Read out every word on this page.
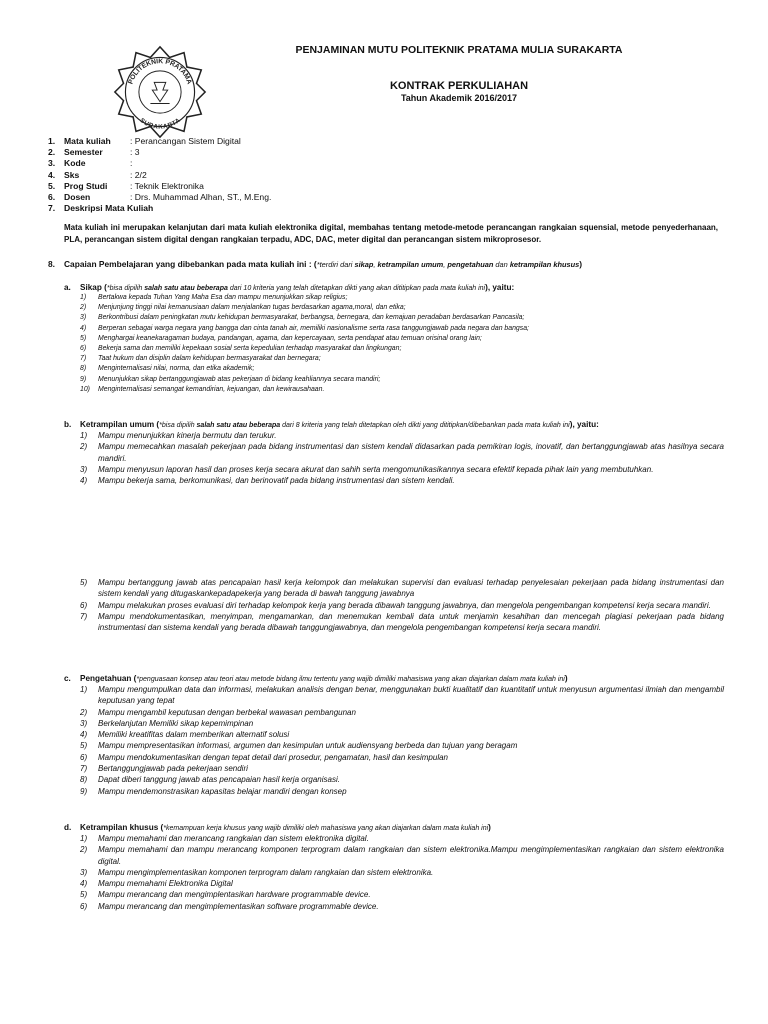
POLITEKNIK PRATAMA
SURAKARTA
PENJAMINAN MUTU POLITEKNIK PRATAMA MULIA SURAKARTA
KONTRAK PERKULIAHAN
Tahun Akademik 2016/2017
1.	Mata kuliah	: Perancangan Sistem Digital
2.	Semester	: 3
3.	Kode	:
4.	Sks	: 2/2
5.	Prog Studi	: Teknik Elektronika
6.	Dosen	: Drs. Muhammad Alhan, ST., M.Eng.
7.	Deskripsi Mata Kuliah
Mata kuliah ini merupakan kelanjutan dari mata kuliah elektronika digital, membahas tentang metode-metode perancangan rangkaian squensial, metode penyederhanaan, PLA, perancangan sistem digital dengan rangkaian terpadu, ADC, DAC, meter digital dan perancangan sistem mikroprosesor.
8. Capaian Pembelajaran yang dibebankan pada mata kuliah ini : (*terdiri dari sikap, ketrampilan umum, pengetahuan dan ketrampilan khusus)
a. Sikap (*bisa dipilih salah satu atau beberapa dari 10 kriteria yang telah ditetapkan dikti yang akan dititipkan pada mata kuliah ini), yaitu:
1)	Bertakwa kepada Tuhan Yang Maha Esa dan mampu menunjukkan sikap religius;
2)	Menjunjung tinggi nilai kemanusiaan dalam menjalankan tugas berdasarkan agama,moral, dan etika;
3)	Berkontribusi dalam peningkatan mutu kehidupan bermasyarakat, berbangsa, bernegara, dan kemajuan peradaban berdasarkan Pancasila;
4)	Berperan sebagai warga negara yang bangga dan cinta tanah air, memiliki nasionalisme serta rasa tanggungjawab pada negara dan bangsa;
5)	Menghargai keanekaragaman budaya, pandangan, agama, dan kepercayaan, serta pendapat atau temuan orisinal orang lain;
6)	Bekerja sama dan memiliki kepekaan sosial serta kepedulian terhadap masyarakat dan lingkungan;
7)	Taat hukum dan disiplin dalam kehidupan bermasyarakat dan bernegara;
8)	Menginternalisasi nilai, norma, dan etika akademik;
9)	Menunjukkan sikap bertanggungjawab atas pekerjaan di bidang keahliannya secara mandiri;
10)	Menginternalisasi semangat kemandirian, kejuangan, dan kewirausahaan.
b. Ketrampilan umum (*bisa dipilih salah satu atau beberapa dari 8 kriteria yang telah ditetapkan oleh dikti yang dititipkan/dibebankan pada mata kuliah ini), yaitu:
1)	Mampu menunjukkan kinerja bermutu dan terukur.
2)	Mampu memecahkan masalah pekerjaan pada bidang instrumentasi dan sistem kendali didasarkan pada pemikiran logis, inovatif, dan bertanggungjawab atas hasilnya secara mandiri.
3)	Mampu menyusun laporan hasil dan proses kerja secara akurat dan sahih serta mengomunikasikannya secara efektif kepada pihak lain yang membutuhkan.
4)	Mampu bekerja sama, berkomunikasi, dan berinovatif pada bidang instrumentasi dan sistem kendali.
5)	Mampu bertanggung jawab atas pencapaian hasil kerja kelompok dan melakukan supervisi dan evaluasi terhadap penyelesaian pekerjaan pada bidang instrumentasi dan sistem kendali yang ditugaskankepadapekerja yang berada di bawah tanggung jawabnya
6)	Mampu melakukan proses evaluasi diri terhadap kelompok kerja yang berada dibawah tanggung jawabnya, dan mengelola pengembangan kompetensi kerja secara mandiri.
7)	Mampu mendokumentasikan, menyimpan, mengamankan, dan menemukan kembali data untuk menjamin kesahihan dan mencegah plagiasi pekerjaan pada bidang instrumentasi dan sistema kendali yang berada dibawah tanggungjawabnya, dan mengelola pengembangan kompetensi kerja secara mandiri.
c. Pengetahuan (*penguasaan konsep atau teori atau metode bidang ilmu tertentu yang wajib dimiliki mahasiswa yang akan diajarkan dalam mata kuliah ini)
1)	Mampu mengumpulkan data dan informasi, melakukan analisis dengan benar, menggunakan bukti kualitatif dan kuantitatif untuk menyusun argumentasi ilmiah dan mengambil keputusan yang tepat
2)	Mampu mengambil keputusan dengan berbekal wawasan pembangunan
3)	Berkelanjutan Memiliki sikap kepemimpinan
4)	Memiliki kreatifitas dalam memberikan alternatif solusi
5)	Mampu mempresentasikan informasi, argumen dan kesimpulan untuk audiensyang berbeda dan tujuan yang beragam
6)	Mampu mendokumentasikan dengan tepat detail dari prosedur, pengamatan, hasil dan kesimpulan
7)	Bertanggungjawab pada pekerjaan sendiri
8)	Dapat diberi tanggung jawab atas pencapaian hasil kerja organisasi.
9)	Mampu mendemonstrasikan kapasitas belajar mandiri dengan konsep
d. Ketrampilan khusus (*kemampuan kerja khusus yang wajib dimiliki oleh mahasiswa yang akan diajarkan dalam mata kuliah ini)
1)	Mampu memahami dan merancang rangkaian dan sistem elektronika digital.
2)	Mampu memahami dan mampu merancang komponen terprogram dalam rangkaian dan sistem elektronika.Mampu mengimplementasikan rangkaian dan sistem elektronika digital.
3)	Mampu mengimplementasikan komponen terprogram dalam rangkaian dan sistem elektronika.
4)	Mampu memahami Elektronika Digital
5)	Mampu merancang dan mengimplentasikan hardware programmable device.
6)	Mampu merancang dan mengimplementasikan software programmable device.
